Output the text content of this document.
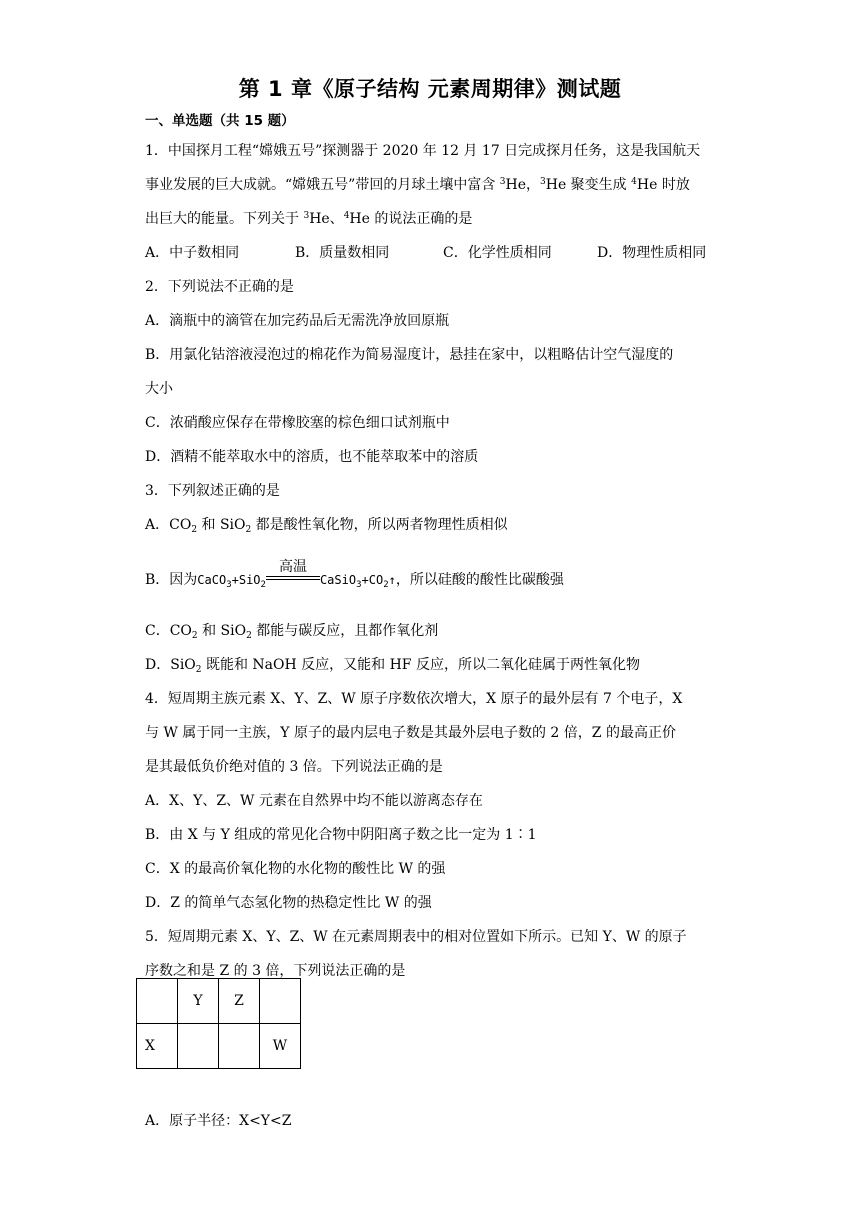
第 1 章《原子结构 元素周期律》测试题
一、单选题（共 15 题）

1．中国探月工程“嫦娥五号”探测器于 2020 年 12 月 17 日完成探月任务，这是我国航天

事业发展的巨大成就。“嫦娥五号”带回的月球土壤中富含 $^3$He，$^3$He 聚变生成 $^4$He 时放

出巨大的能量。下列关于 $^3$He、$^4$He 的说法正确的是

A．中子数相同	B．质量数相同	C．化学性质相同	D．物理性质相同

2．下列说法不正确的是

A．滴瓶中的滴管在加完药品后无需洗净放回原瓶

B．用氯化钴溶液浸泡过的棉花作为简易湿度计，悬挂在家中，以粗略估计空气湿度的

大小

C．浓硝酸应保存在带橡胶塞的棕色细口试剂瓶中

D．酒精不能萃取水中的溶质，也不能萃取苯中的溶质

3．下列叙述正确的是

A．$CO_2$ 和 SiO$_2$ 都是酸性氧化物，所以两者物理性质相似

B．因为CaCO$_3$+SiO$_2$
高温
$CaSiO_3+CO_2↑$，所以硅酸的酸性比碳酸强

C．$CO_2$ 和 SiO$_2$ 都能与碳反应，且都作氧化剂

D．SiO$_2$ 既能和 NaOH 反应，又能和 HF 反应，所以二氧化硅属于两性氧化物

4．短周期主族元素 X、Y、Z、W 原子序数依次增大，X 原子的最外层有 7 个电子，X

与 W 属于同一主族，Y 原子的最内层电子数是其最外层电子数的 2 倍，Z 的最高正价

是其最低负价绝对值的 3 倍。下列说法正确的是

A．X、Y、Z、W 元素在自然界中均不能以游离态存在

B．由 X 与 Y 组成的常见化合物中阴阳离子数之比一定为 1∶1

C．X 的最高价氧化物的水化物的酸性比 W 的强

D．Z 的简单气态氢化物的热稳定性比 W 的强

5．短周期元素 X、Y、Z、W 在元素周期表中的相对位置如下所示。已知 Y、W 的原子

序数之和是 Z 的 3 倍，下列说法正确的是

	Y	Z	
X			W

A．原子半径：X<Y<Z
